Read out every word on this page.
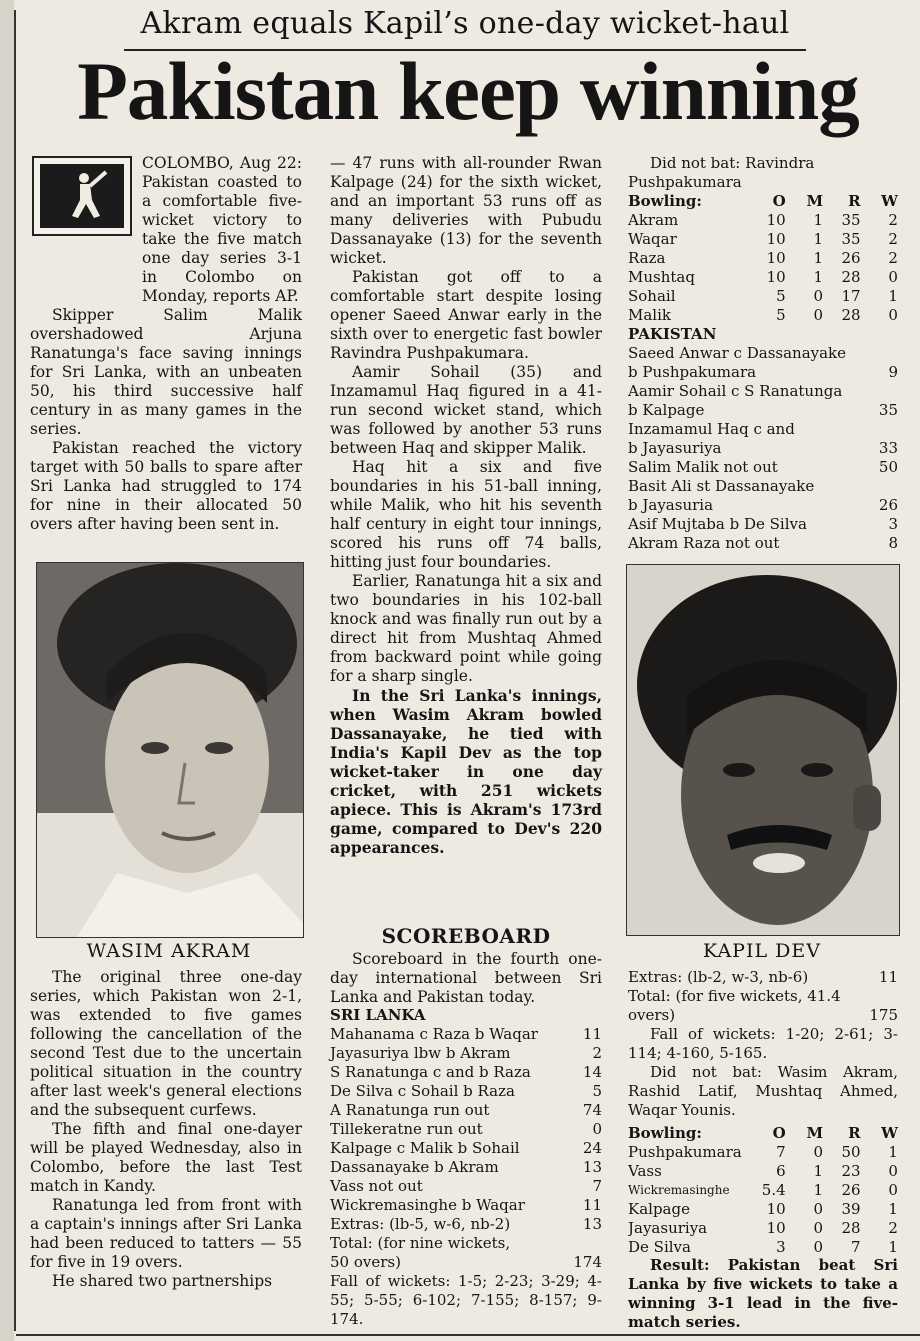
Akram equals Kapil’s one-day wicket-haul
Pakistan keep winning

COLOMBO, Aug 22: Pakistan coasted to a comfortable five-wicket victory to take the five match one day series 3-1 in Colombo on Monday, reports AP.

Skipper Salim Malik overshadowed Arjuna Ranatunga's face saving innings for Sri Lanka, with an unbeaten 50, his third successive half century in as many games in the series.

Pakistan reached the victory target with 50 balls to spare after Sri Lanka had struggled to 174 for nine in their allocated 50 overs after having been sent in.

WASIM AKRAM

The original three one-day series, which Pakistan won 2-1, was extended to five games following the cancellation of the second Test due to the uncertain political situation in the country after last week's general elections and the subsequent curfews.

The fifth and final one-dayer will be played Wednesday, also in Colombo, before the last Test match in Kandy.

Ranatunga led from front with a captain's innings after Sri Lanka had been reduced to tatters — 55 for five in 19 overs.

He shared two partnerships

— 47 runs with all-rounder Rwan Kalpage (24) for the sixth wicket, and an important 53 runs off as many deliveries with Pubudu Dassanayake (13) for the seventh wicket.

Pakistan got off to a comfortable start despite losing opener Saeed Anwar early in the sixth over to energetic fast bowler Ravindra Pushpakumara.

Aamir Sohail (35) and Inzamamul Haq figured in a 41-run second wicket stand, which was followed by another 53 runs between Haq and skipper Malik.

Haq hit a six and five boundaries in his 51-ball inning, while Malik, who hit his seventh half century in eight tour innings, scored his runs off 74 balls, hitting just four boundaries.

Earlier, Ranatunga hit a six and two boundaries in his 102-ball knock and was finally run out by a direct hit from Mushtaq Ahmed from backward point while going for a sharp single.

In the Sri Lanka's innings, when Wasim Akram bowled Dassanayake, he tied with India's Kapil Dev as the top wicket-taker in one day cricket, with 251 wickets apiece. This is Akram's 173rd game, compared to Dev's 220 appearances.

SCOREBOARD

Scoreboard in the fourth one-day international between Sri Lanka and Pakistan today.

SRI LANKA
Mahanama c Raza b Waqar	11
Jayasuriya lbw b Akram	2
S Ranatunga c and b Raza	14
De Silva c Sohail b Raza	5
A Ranatunga run out	74
Tillekeratne run out	0
Kalpage c Malik b Sohail	24
Dassanayake b Akram	13
Vass not out	7
Wickremasinghe b Waqar	11
Extras: (lb-5, w-6, nb-2)	13
Total: (for nine wickets,
50 overs)	174
Fall of wickets: 1-5; 2-23; 3-29; 4-55; 5-55; 6-102; 7-155; 8-157; 9-174.
Did not bat: Ravindra Pushpakumara
Bowling:	O	M	R	W
Akram	10	1	35	2
Waqar	10	1	35	2
Raza	10	1	26	2
Mushtaq	10	1	28	0
Sohail	5	0	17	1
Malik	5	0	28	0
PAKISTAN
Saeed Anwar c Dassanayake
b Pushpakumara	9
Aamir Sohail c S Ranatunga
b Kalpage	35
Inzamamul Haq c and
b Jayasuriya	33
Salim Malik not out	50
Basit Ali st Dassanayake
b Jayasuria	26
Asif Mujtaba b De Silva	3
Akram Raza not out	8
KAPIL DEV
Extras: (lb-2, w-3, nb-6)	11
Total: (for five wickets, 41.4
overs)	175
Fall of wickets: 1-20; 2-61; 3-114; 4-160, 5-165.
Did not bat: Wasim Akram, Rashid Latif, Mushtaq Ahmed, Waqar Younis.
Bowling:	O	M	R	W
Pushpakumara	7	0	50	1
Vass	6	1	23	0
Wickremasinghe	5.4	1	26	0
Kalpage	10	0	39	1
Jayasuriya	10	0	28	2
De Silva	3	0	7	1
Result: Pakistan beat Sri Lanka by five wickets to take a winning 3-1 lead in the five-match series.
